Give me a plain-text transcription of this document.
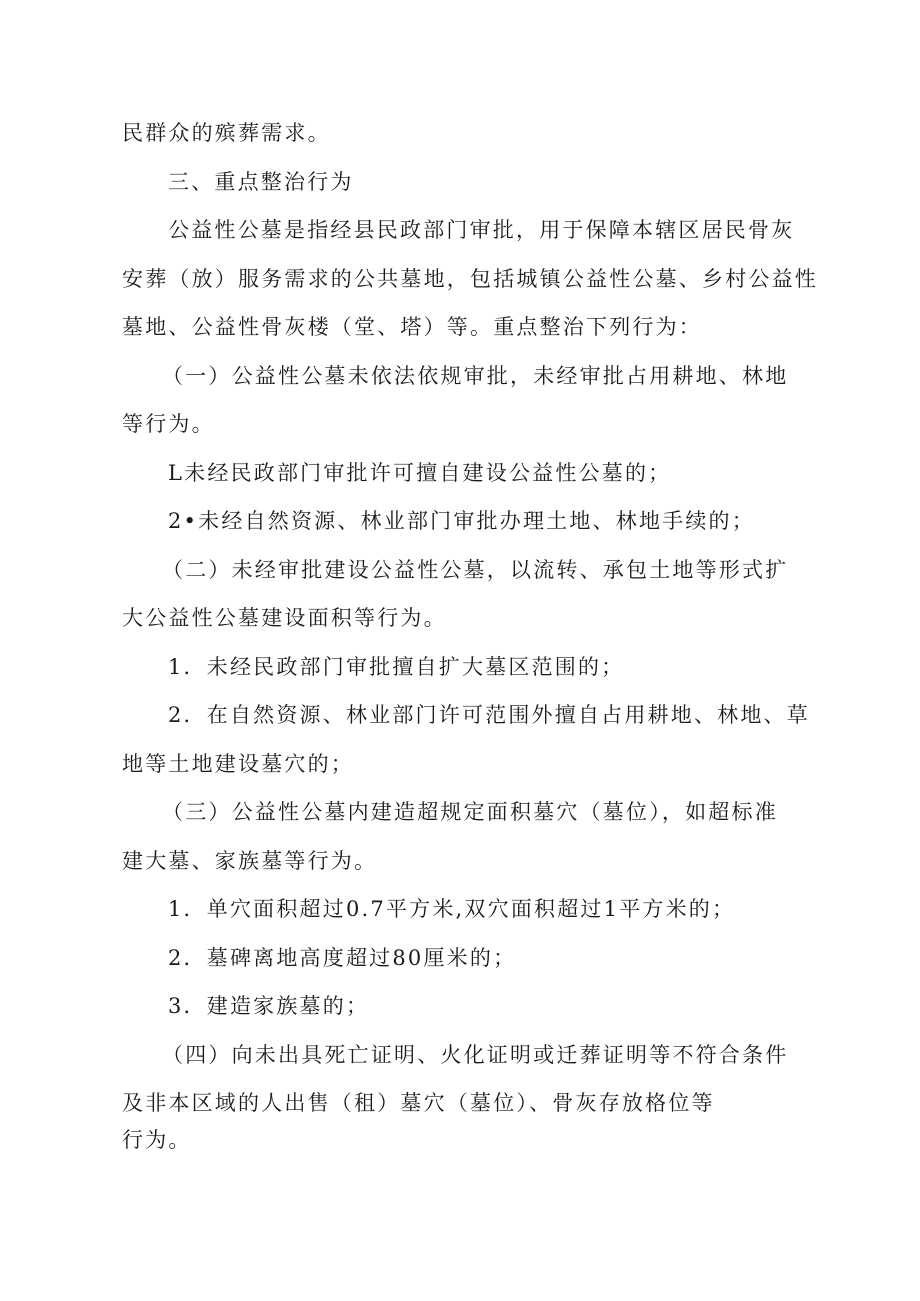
民群众的殡葬需求。
三、重点整治行为
公益性公墓是指经县民政部门审批，用于保障本辖区居民骨灰
安葬（放）服务需求的公共墓地，包括城镇公益性公墓、乡村公益性
墓地、公益性骨灰楼（堂、塔）等。重点整治下列行为：
（一）公益性公墓未依法依规审批，未经审批占用耕地、林地
等行为。
L未经民政部门审批许可擅自建设公益性公墓的；
2•未经自然资源、林业部门审批办理土地、林地手续的；
（二）未经审批建设公益性公墓，以流转、承包土地等形式扩
大公益性公墓建设面积等行为。
1．未经民政部门审批擅自扩大墓区范围的；
2．在自然资源、林业部门许可范围外擅自占用耕地、林地、草
地等土地建设墓穴的；
（三）公益性公墓内建造超规定面积墓穴（墓位），如超标准
建大墓、家族墓等行为。
1．单穴面积超过0.7平方米,双穴面积超过1平方米的；
2．墓碑离地高度超过80厘米的；
3．建造家族墓的；
（四）向未出具死亡证明、火化证明或迁葬证明等不符合条件
及非本区域的人出售（租）墓穴（墓位）、骨灰存放格位等
行为。
